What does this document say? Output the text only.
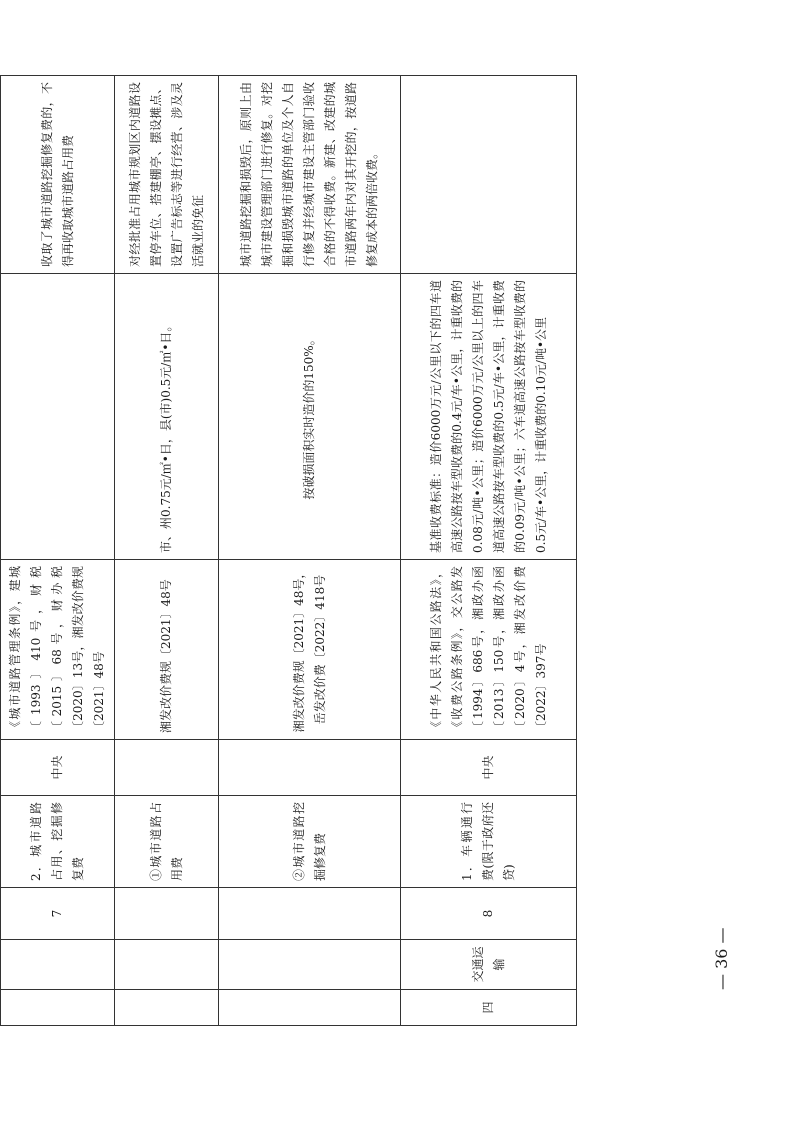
		7	2．城市道路占用、挖掘修复费	中央	《城市道路管理条例》，建城〔1993〕410号，财税〔2015〕68号，财办税〔2020〕13号，湘发改价费规〔2021〕48号		收取了城市道路挖掘修复费的，不得再收取城市道路占用费
			①城市道路占用费		湘发改价费规〔2021〕48号	市、州0.75元/㎡•日，县(市)0.5元/㎡•日。	对经批准占用城市规划区内道路设置停车位、搭建棚亭、摆设摊点、设置广告标志等进行经营、涉及灵活就业的免征
			②城市道路挖掘修复费		湘发改价费规〔2021〕48号，岳发改价费〔2022〕418号	按破损面积实时造价的150%。	城市道路挖掘和损毁后，原则上由城市建设管理部门进行修复。对挖掘和损毁城市道路的单位及个人自行修复并经城市建设主管部门验收合格的不得收费。新建、改建的城市道路两年内对其开挖的，按道路修复成本的两倍收费。
四	交通运输	8	1．车辆通行费(限于政府还贷)	中央	《中华人民共和国公路法》，《收费公路条例》，交公路发〔1994〕686号，湘政办函〔2013〕150号，湘政办函〔2020〕4号，湘发改价费〔2022〕397号	基准收费标准：造价6000万元/公里以下的四车道高速公路按车型收费的0.4元/车•公里，计重收费的0.08元/吨•公里；造价6000万元/公里以上的四车道高速公路按车型收费的0.5元/车•公里，计重收费的0.09元/吨•公里；六车道高速公路按车型收费的0.5元/车•公里，计重收费的0.10元/吨•公里	
— 36 —
